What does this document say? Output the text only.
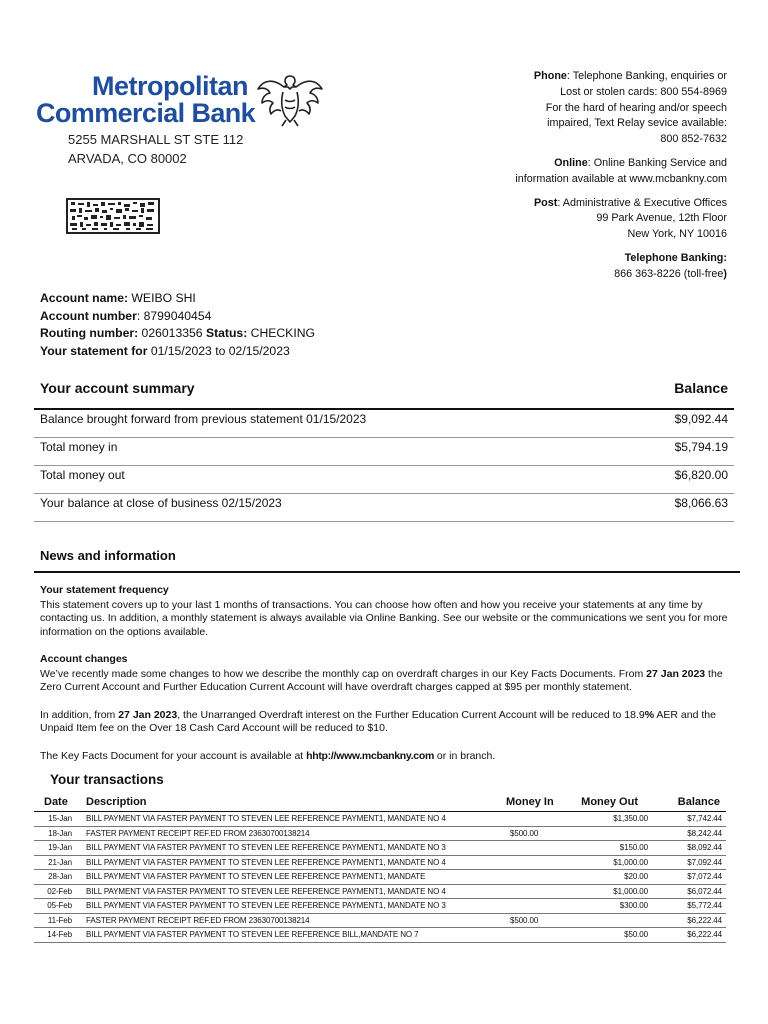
Metropolitan
Commercial Bank
5255 MARSHALL ST STE 112
ARVADA, CO 80002

Phone: Telephone Banking, enquiries or
Lost or stolen cards: 800 554-8969
For the hard of hearing and/or speech
impaired, Text Relay sevice available:
800 852-7632

Online: Online Banking Service and
information available at www.mcbankny.com

Post: Administrative & Executive Offices
99 Park Avenue, 12th Floor
New York, NY 10016

Telephone Banking:
866 363-8226 (toll-free)

Account name: WEIBO SHI
Account number: 8799040454
Routing number: 026013356 Status: CHECKING
Your statement for 01/15/2023 to 02/15/2023
Your account summary	Balance
Balance brought forward from previous statement 01/15/2023	$9,092.44
Total money in	$5,794.19
Total money out	$6,820.00
Your balance at close of business 02/15/2023	$8,066.63
News and information
Your statement frequency

This statement covers up to your last 1 months of transactions. You can choose how often and how you receive your statements at any time by contacting us. In addition, a monthly statement is always available via Online Banking. See our website or the communications we sent you for more information on the options available.

Account changes

We’ve recently made some changes to how we describe the monthly cap on overdraft charges in our Key Facts Documents. From 27 Jan 2023 the Zero Current Account and Further Education Current Account will have overdraft charges capped at $95 per monthly statement.

In addition, from 27 Jan 2023, the Unarranged Overdraft interest on the Further Education Current Account will be reduced to 18.9% AER and the Unpaid Item fee on the Over 18 Cash Card Account will be reduced to $10.

The Key Facts Document for your account is available at hhtp://www.mcbankny.com or in branch.

Your transactions
Date	Description	Money In	Money Out	Balance
15-Jan	BILL PAYMENT VIA FASTER PAYMENT TO STEVEN LEE REFERENCE PAYMENT1, MANDATE NO 4		$1,350.00	$7,742.44
18-Jan	FASTER PAYMENT RECEIPT REF.ED FROM 23630700138214	$500.00		$8,242.44
19-Jan	BILL PAYMENT VIA FASTER PAYMENT TO STEVEN LEE REFERENCE PAYMENT1, MANDATE NO 3		$150.00	$8,092.44
21-Jan	BILL PAYMENT VIA FASTER PAYMENT TO STEVEN LEE REFERENCE PAYMENT1, MANDATE NO 4		$1,000.00	$7,092.44
28-Jan	BILL PAYMENT VIA FASTER PAYMENT TO STEVEN LEE REFERENCE PAYMENT1, MANDATE		$20.00	$7,072.44
02-Feb	BILL PAYMENT VIA FASTER PAYMENT TO STEVEN LEE REFERENCE PAYMENT1, MANDATE NO 4		$1,000.00	$6,072.44
05-Feb	BILL PAYMENT VIA FASTER PAYMENT TO STEVEN LEE REFERENCE PAYMENT1, MANDATE NO 3		$300.00	$5,772.44
11-Feb	FASTER PAYMENT RECEIPT REF.ED FROM 23630700138214	$500.00		$6,222.44
14-Feb	BILL PAYMENT VIA FASTER PAYMENT TO STEVEN LEE REFERENCE BILL,MANDATE NO 7		$50.00	$6,222.44
